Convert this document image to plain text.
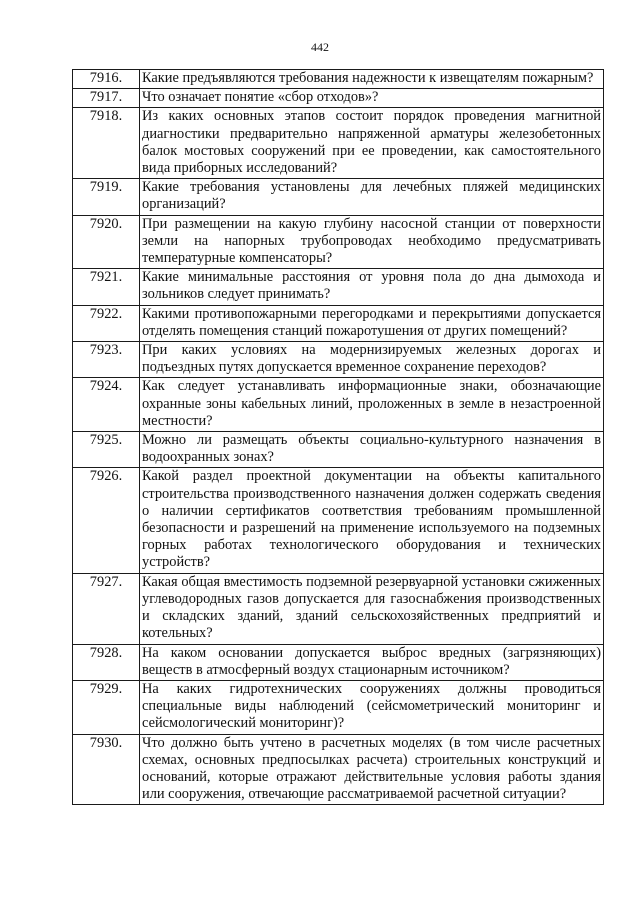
442
7916.	Какие предъявляются требования надежности к извещателям пожарным?
7917.	Что означает понятие «сбор отходов»?
7918.	Из каких основных этапов состоит порядок проведения магнитной диагностики предварительно напряженной арматуры железобетонных балок мостовых сооружений при ее проведении, как самостоятельного вида приборных исследований?
7919.	Какие требования установлены для лечебных пляжей медицинских организаций?
7920.	При размещении на какую глубину насосной станции от поверхности земли на напорных трубопроводах необходимо предусматривать температурные компенсаторы?
7921.	Какие минимальные расстояния от уровня пола до дна дымохода и зольников следует принимать?
7922.	Какими противопожарными перегородками и перекрытиями допускается отделять помещения станций пожаротушения от других помещений?
7923.	При каких условиях на модернизируемых железных дорогах и подъездных путях допускается временное сохранение переходов?
7924.	Как следует устанавливать информационные знаки, обозначающие охранные зоны кабельных линий, проложенных в земле в незастроенной местности?
7925.	Можно ли размещать объекты социально-культурного назначения в водоохранных зонах?
7926.	Какой раздел проектной документации на объекты капитального строительства производственного назначения должен содержать сведения о наличии сертификатов соответствия требованиям промышленной безопасности и разрешений на применение используемого на подземных горных работах технологического оборудования и технических устройств?
7927.	Какая общая вместимость подземной резервуарной установки сжиженных углеводородных газов допускается для газоснабжения производственных и складских зданий, зданий сельскохозяйственных предприятий и котельных?
7928.	На каком основании допускается выброс вредных (загрязняющих) веществ в атмосферный воздух стационарным источником?
7929.	На каких гидротехнических сооружениях должны проводиться специальные виды наблюдений (сейсмометрический мониторинг и сейсмологический мониторинг)?
7930.	Что должно быть учтено в расчетных моделях (в том числе расчетных схемах, основных предпосылках расчета) строительных конструкций и оснований, которые отражают действительные условия работы здания или сооружения, отвечающие рассматриваемой расчетной ситуации?
